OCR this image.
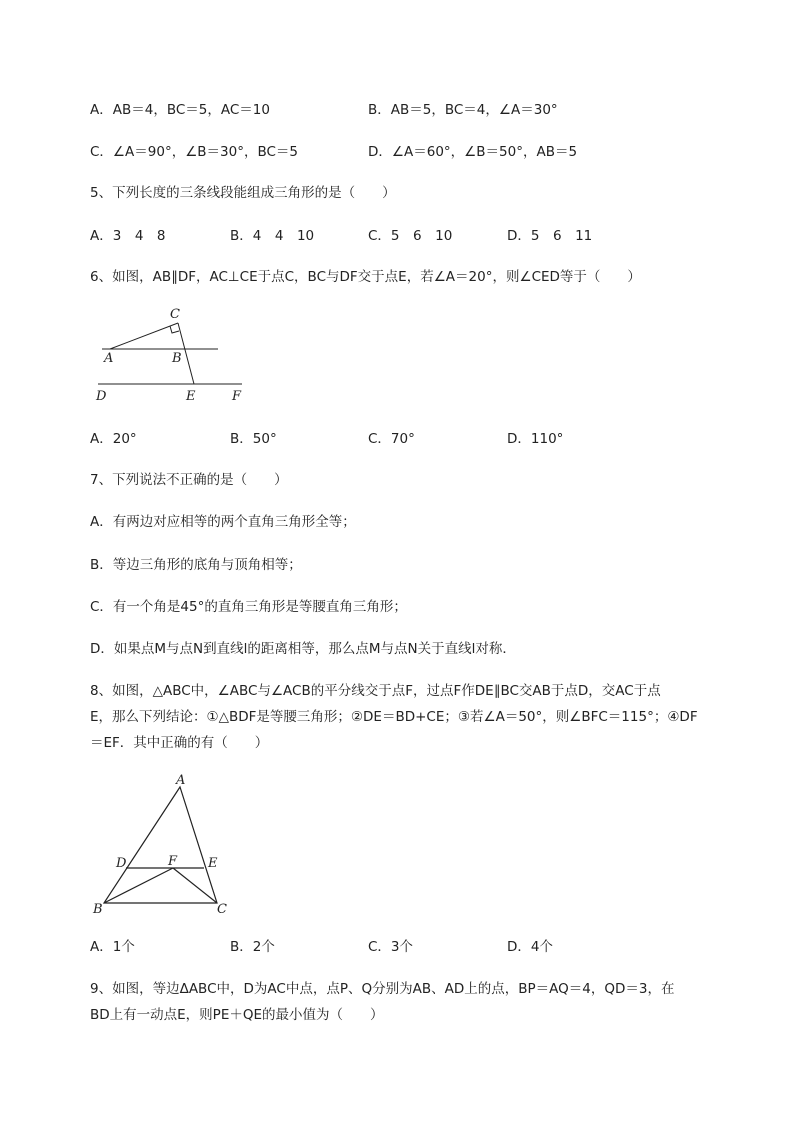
A．AB＝4，BC＝5，AC＝10	B．AB＝5，BC＝4，∠A＝30°
C．∠A＝90°，∠B＝30°，BC＝5	D．∠A＝60°，∠B＝50°，AB＝5
5、下列长度的三条线段能组成三角形的是（　　）
A．3　4　8	B．4　4　10	C．5　6　10	D．5　6　11
6、如图，AB∥DF，AC⊥CE于点C，BC与DF交于点E，若∠A＝20°，则∠CED等于（　　）
C
A	B
D	E	F
A．20°	B．50°	C．70°	D．110°
7、下列说法不正确的是（　　）
A．有两边对应相等的两个直角三角形全等；
B．等边三角形的底角与顶角相等；
C．有一个角是45°的直角三角形是等腰直角三角形；
D．如果点M与点N到直线l的距离相等，那么点M与点N关于直线l对称．
8、如图，△ABC中，∠ABC与∠ACB的平分线交于点F，过点F作DE∥BC交AB于点D，交AC于点
E，那么下列结论：①△BDF是等腰三角形；②DE＝BD+CE；③若∠A＝50°，则∠BFC＝115°；④DF
＝EF．其中正确的有（　　）
A
D	F E
B	C
A．1个	B．2个	C．3个	D．4个
9、如图，等边ΔABC中，D为AC中点，点P、Q分别为AB、AD上的点，BP＝AQ＝4，QD＝3，在
BD上有一动点E，则PE＋QE的最小值为（　　）
